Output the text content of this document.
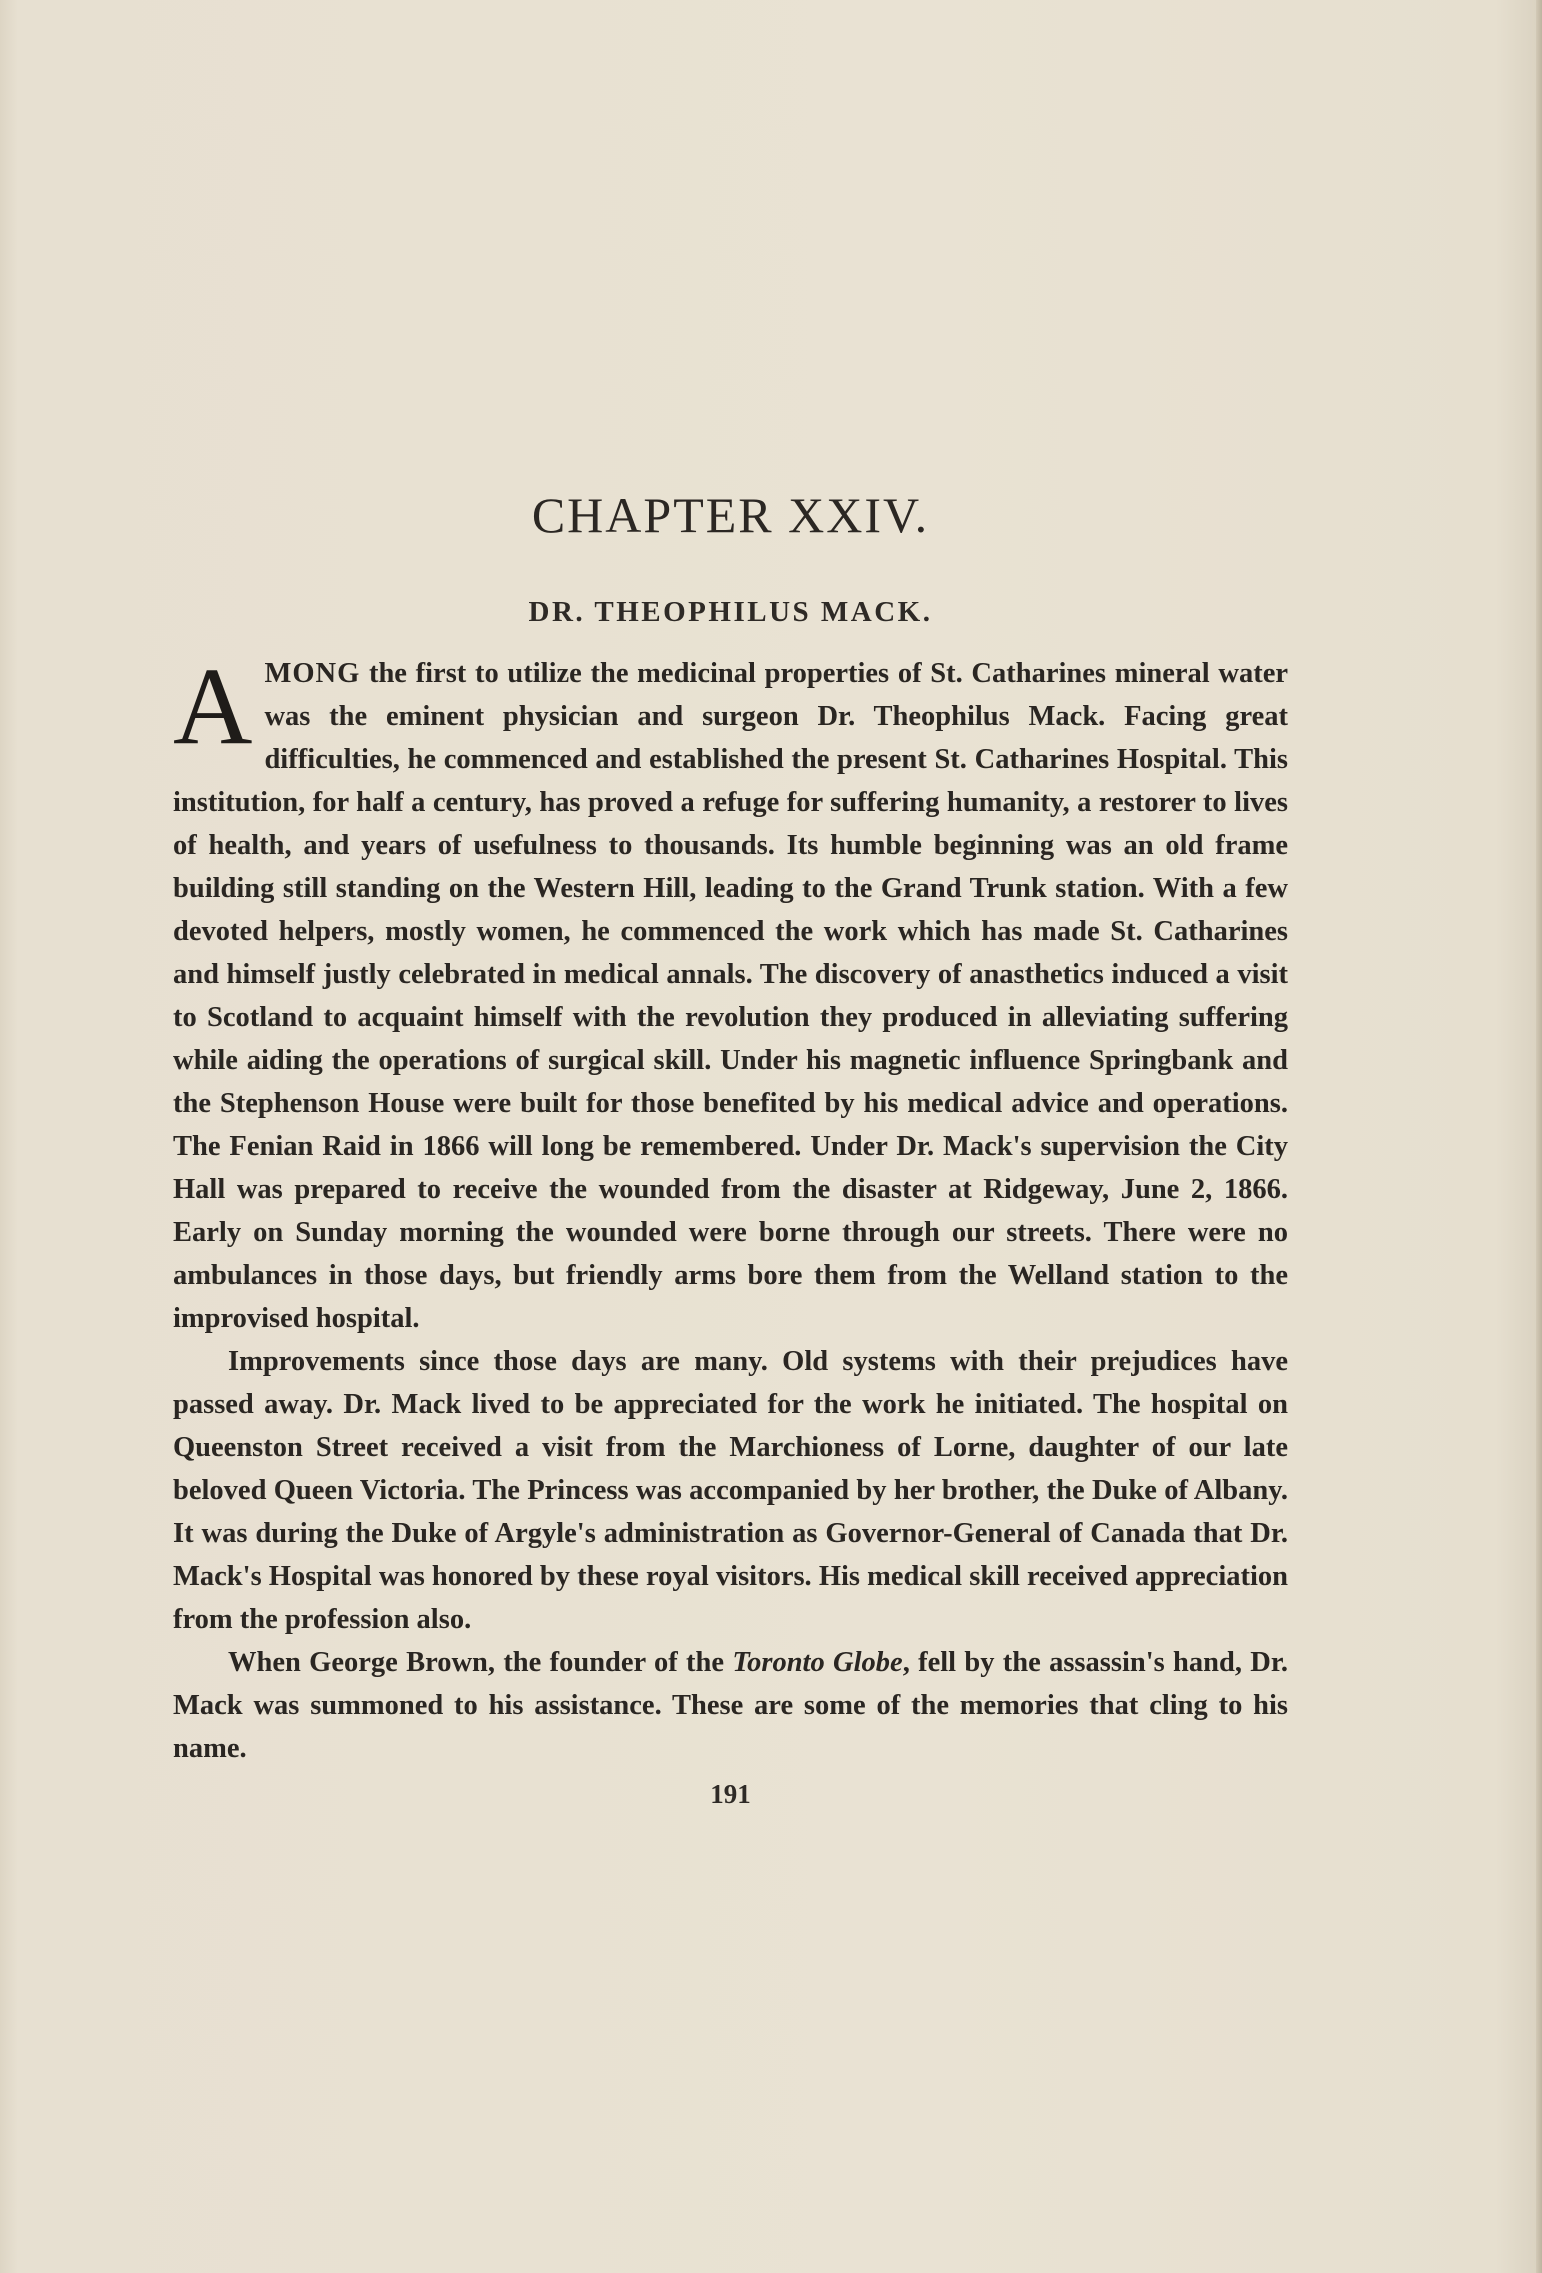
CHAPTER XXIV.
DR. THEOPHILUS MACK.

AMONG the first to utilize the medicinal properties of St. Catharines mineral water was the eminent physician and surgeon Dr. Theophilus Mack. Facing great difficulties, he commenced and established the present St. Catharines Hospital. This institution, for half a century, has proved a refuge for suffering humanity, a restorer to lives of health, and years of usefulness to thousands. Its humble beginning was an old frame building still standing on the Western Hill, leading to the Grand Trunk station. With a few devoted helpers, mostly women, he commenced the work which has made St. Catharines and himself justly celebrated in medical annals. The discovery of anasthetics induced a visit to Scotland to acquaint himself with the revolution they produced in alleviating suffering while aiding the operations of surgical skill. Under his magnetic influence Springbank and the Stephenson House were built for those benefited by his medical advice and operations. The Fenian Raid in 1866 will long be remembered. Under Dr. Mack's supervision the City Hall was prepared to receive the wounded from the disaster at Ridgeway, June 2, 1866. Early on Sunday morning the wounded were borne through our streets. There were no ambulances in those days, but friendly arms bore them from the Welland station to the improvised hospital.

Improvements since those days are many. Old systems with their prejudices have passed away. Dr. Mack lived to be appreciated for the work he initiated. The hospital on Queenston Street received a visit from the Marchioness of Lorne, daughter of our late beloved Queen Victoria. The Princess was accompanied by her brother, the Duke of Albany. It was during the Duke of Argyle's administration as Governor-General of Canada that Dr. Mack's Hospital was honored by these royal visitors. His medical skill received appreciation from the profession also.

When George Brown, the founder of the Toronto Globe, fell by the assassin's hand, Dr. Mack was summoned to his assistance. These are some of the memories that cling to his name.

191
